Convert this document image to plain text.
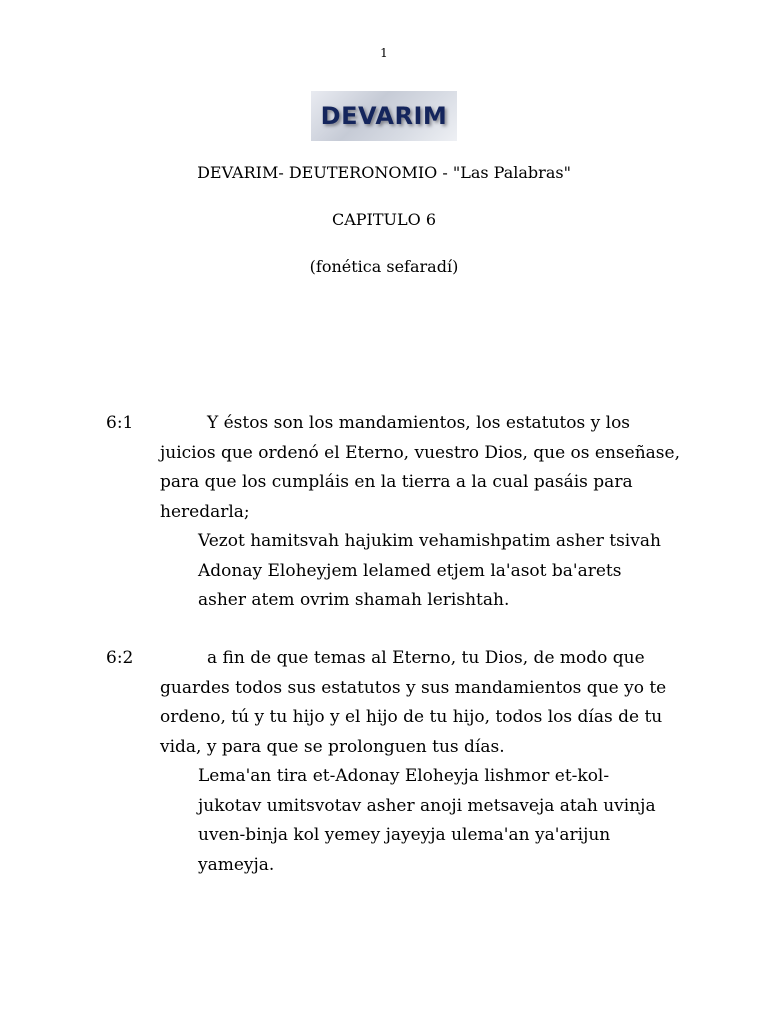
1
DEVARIM
DEVARIM- DEUTERONOMIO - "Las Palabras"
CAPITULO 6
(fonética sefaradí)
6:1	Y éstos son los mandamientos, los estatutos y los juicios que ordenó el Eterno, vuestro Dios, que os enseñase, para que los cumpláis en la tierra a la cual pasáis para heredarla;
Vezot hamitsvah hajukim vehamishpatim asher tsivah Adonay Eloheyjem lelamed etjem la'asot ba'arets asher atem ovrim shamah lerishtah.
6:2	a fin de que temas al Eterno, tu Dios, de modo que guardes todos sus estatutos y sus mandamientos que yo te ordeno, tú y tu hijo y el hijo de tu hijo, todos los días de tu vida, y para que se prolonguen tus días.
Lema'an tira et-Adonay Eloheyja lishmor et-kol-jukotav umitsvotav asher anoji metsaveja atah uvinja uven-binja kol yemey jayeyja ulema'an ya'arijun yameyja.
